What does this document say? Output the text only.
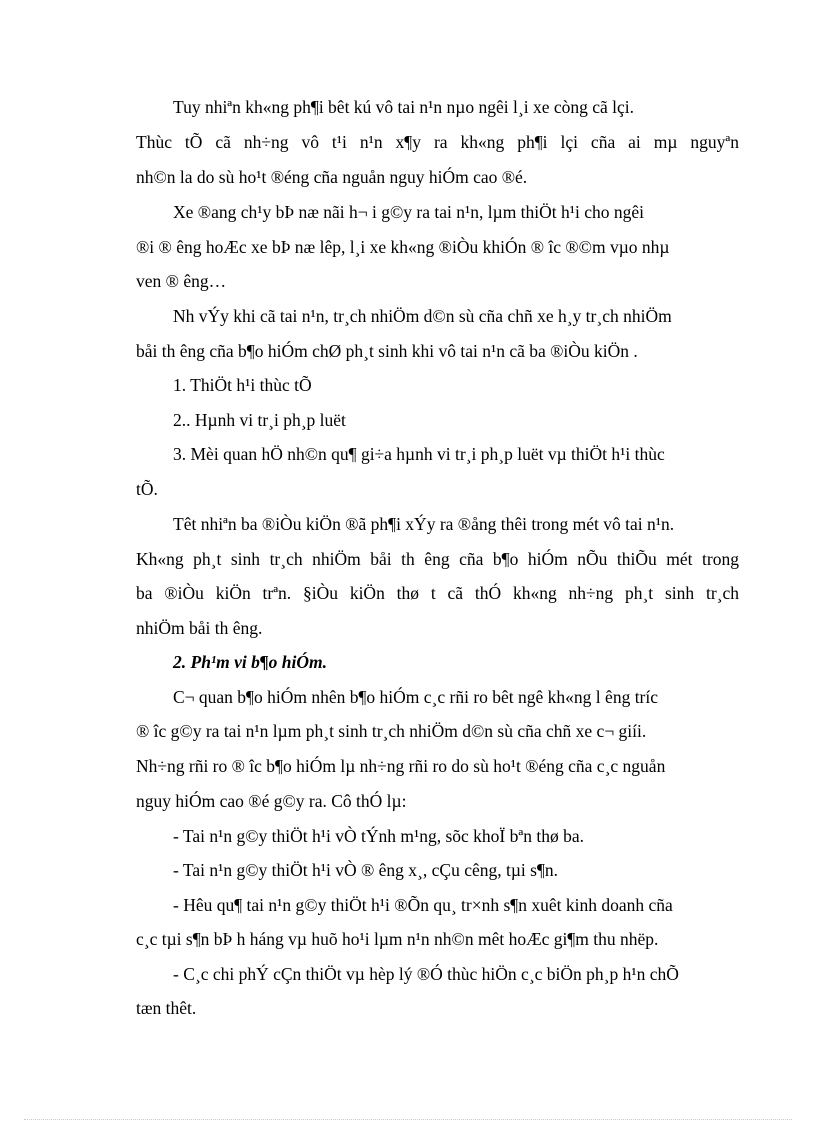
Tuy nhiªn kh«ng ph¶i bêt kú vô tai n¹n nµo ngêi l¸i xe còng cã lçi.
Thùc tÕ cã nh÷ng vô t¹i n¹n x¶y ra kh«ng ph¶i lçi cña ai mµ nguyªn
nh©n la do sù ho¹t ®éng cña nguån nguy hiÓm cao ®é.
Xe ®ang ch¹y bÞ næ nãi h¬ i g©y ra tai n¹n, lµm thiÖt h¹i cho ngêi
®i ® êng hoÆc xe bÞ næ lêp, l¸i xe kh«ng ®iÒu khiÓn ® îc ®©m vµo nhµ
ven ® êng…
Nh vÝy khi cã tai n¹n, tr¸ch nhiÖm d©n sù cña chñ xe h¸y tr¸ch nhiÖm
båi th êng cña b¶o hiÓm chØ ph¸t sinh khi vô tai n¹n cã ba ®iÒu kiÖn .
1. ThiÖt h¹i thùc tÕ
2.. Hµnh vi tr¸i ph¸p luët
3. Mèi quan hÖ nh©n qu¶ gi÷a hµnh vi tr¸i ph¸p luët vµ thiÖt h¹i thùc
tÕ.
Têt nhiªn ba ®iÒu kiÖn ®ã ph¶i xÝy ra ®ång thêi trong mét vô tai n¹n.
Kh«ng ph¸t sinh tr¸ch nhiÖm båi th êng cña b¶o hiÓm nÕu thiÕu mét trong
ba ®iÒu kiÖn trªn. §iÒu kiÖn thø t cã thÓ kh«ng nh÷ng ph¸t sinh tr¸ch
nhiÖm båi th êng.
2. Ph¹m vi b¶o hiÓm.
C¬ quan b¶o hiÓm nhên b¶o hiÓm c¸c rñi ro bêt ngê kh«ng l êng tríc
® îc g©y ra tai n¹n lµm ph¸t sinh tr¸ch nhiÖm d©n sù cña chñ xe c¬ giíi.
Nh÷ng rñi ro ® îc b¶o hiÓm lµ nh÷ng rñi ro do sù ho¹t ®éng cña c¸c nguån
nguy hiÓm cao ®é g©y ra. Cô thÓ lµ:
- Tai n¹n g©y thiÖt h¹i vÒ tÝnh m¹ng, sõc khoÏ bªn thø ba.
- Tai n¹n g©y thiÖt h¹i vÒ ® êng x¸, cÇu cêng, tµi s¶n.
- Hêu qu¶ tai n¹n g©y thiÖt h¹i ®Õn qu¸ tr×nh s¶n xuêt kinh doanh cña
c¸c tµi s¶n bÞ h háng vµ huõ ho¹i lµm n¹n nh©n mêt hoÆc gi¶m thu nhëp.
- C¸c chi phÝ cÇn thiÖt vµ hèp lý ®Ó thùc hiÖn c¸c biÖn ph¸p h¹n chÕ
tæn thêt.
